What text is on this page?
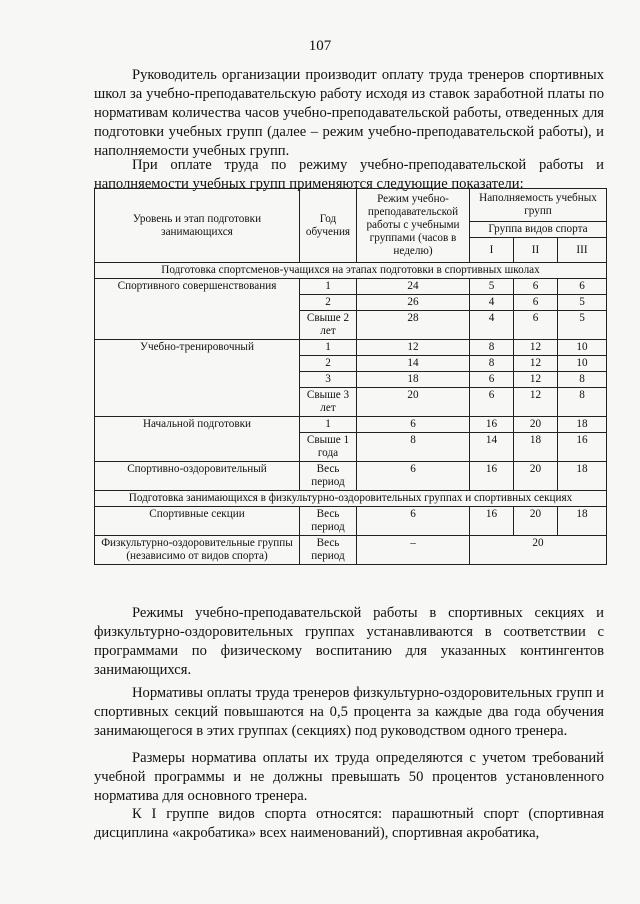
107

Руководитель организации производит оплату труда тренеров спортивных школ за учебно-преподавательскую работу исходя из ставок заработной платы по нормативам количества часов учебно-преподавательской работы, отведенных для подготовки учебных групп (далее – режим учебно-преподавательской работы), и наполняемости учебных групп.

При оплате труда по режиму учебно-преподавательской работы и наполняемости учебных групп применяются следующие показатели:

Уровень и этап подготовки занимающихся	Год обучения	Режим учебно-преподавательской работы с учебными группами (часов в неделю)	Наполняемость учебных групп		
			Группа видов спорта		
			I	II	III
Подготовка спортсменов-учащихся на этапах подготовки в спортивных школах					
Спортивного совершенствования	1	24	5	6	6
	2	26	4	6	5
	Свыше 2 лет	28	4	6	5
Учебно-тренировочный	1	12	8	12	10
	2	14	8	12	10
	3	18	6	12	8
	Свыше 3 лет	20	6	12	8
Начальной подготовки	1	6	16	20	18
	Свыше 1 года	8	14	18	16
Спортивно-оздоровительный	Весь период	6	16	20	18
Подготовка занимающихся в физкультурно-оздоровительных группах и спортивных секциях					
Спортивные секции	Весь период	6	16	20	18
Физкультурно-оздоровительные группы (независимо от видов спорта)	Весь период	–	20		

Режимы учебно-преподавательской работы в спортивных секциях и физкультурно-оздоровительных группах устанавливаются в соответствии с программами по физическому воспитанию для указанных контингентов занимающихся.

Нормативы оплаты труда тренеров физкультурно-оздоровительных групп и спортивных секций повышаются на 0,5 процента за каждые два года обучения занимающегося в этих группах (секциях) под руководством одного тренера.

Размеры норматива оплаты их труда определяются с учетом требований учебной программы и не должны превышать 50 процентов установленного норматива для основного тренера.

К I группе видов спорта относятся: парашютный спорт (спортивная дисциплина «акробатика» всех наименований), спортивная акробатика,
